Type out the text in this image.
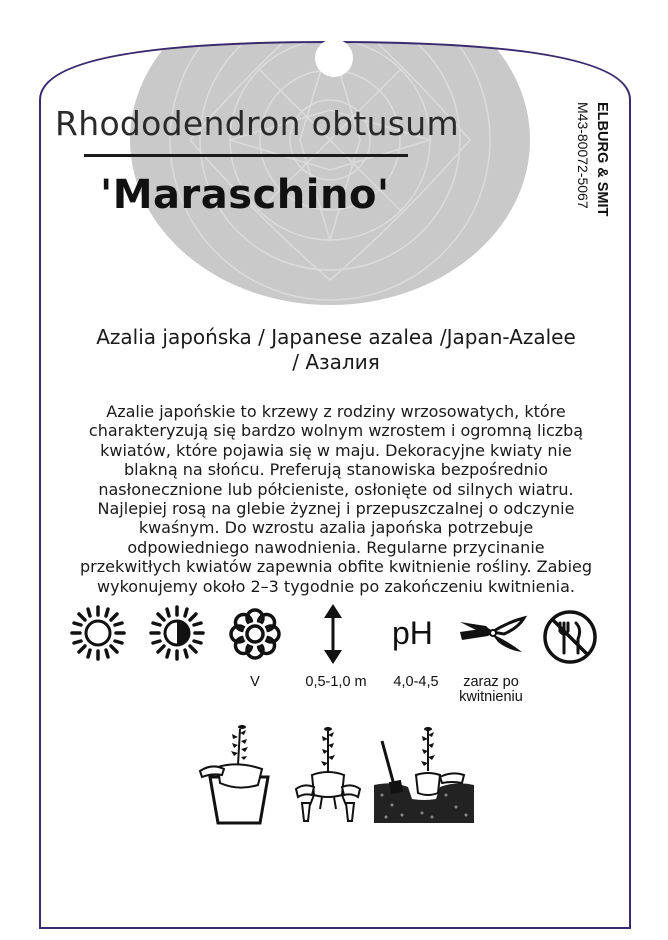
Rhododendron obtusum
'Maraschino'	ELBURG & SMIT
M43-80072-5067
Azalia japońska / Japanese azalea /Japan-Azalee
/ Азалия
Azalie japońskie to krzewy z rodziny wrzosowatych, które charakteryzują się bardzo wolnym wzrostem i ogromną liczbą kwiatów, które pojawia się w maju. Dekoracyjne kwiaty nie blakną na słońcu. Preferują stanowiska bezpośrednio nasłonecznione lub półcieniste, osłonięte od silnych wiatru. Najlepiej rosą na glebie żyznej i przepuszczalnej o odczynie kwaśnym. Do wzrostu azalia japońska potrzebuje odpowiedniego nawodnienia. Regularne przycinanie przekwitłych kwiatów zapewnia obfite kwitnienie rośliny. Zabieg wykonujemy około 2–3 tygodnie po zakończeniu kwitnienia.
pH
V	0,5-1,0 m	4,0-4,5	zaraz po
kwitnieniu
